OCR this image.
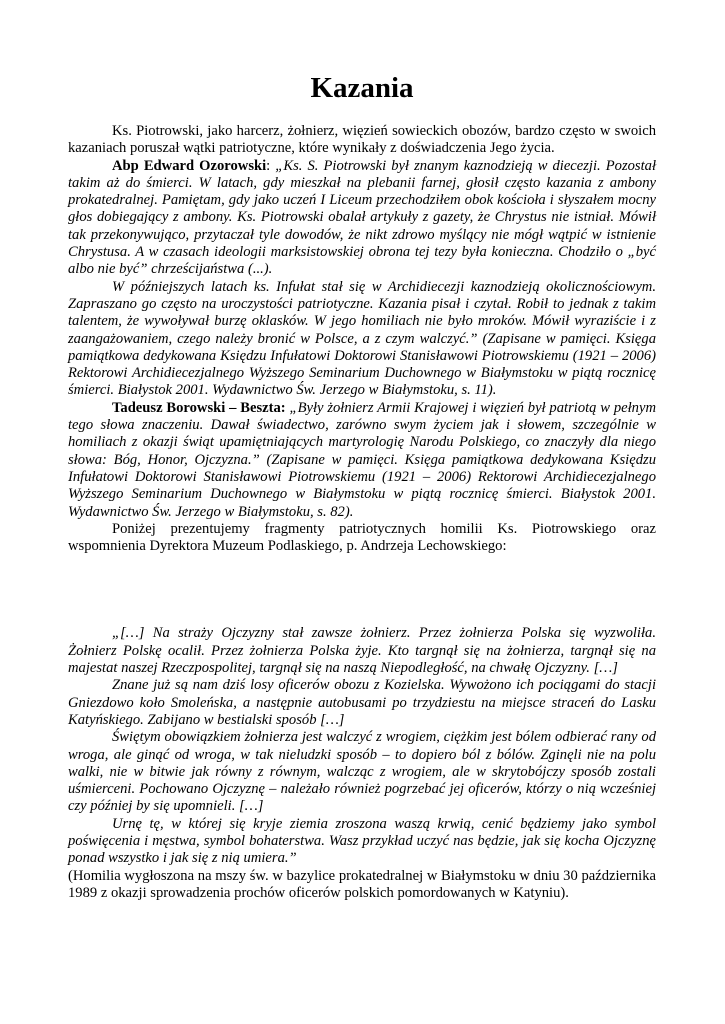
Kazania

Ks. Piotrowski, jako harcerz, żołnierz, więzień sowieckich obozów, bardzo często w swoich kazaniach poruszał wątki patriotyczne, które wynikały z doświadczenia Jego życia.

Abp Edward Ozorowski: „Ks. S. Piotrowski był znanym kaznodzieją w diecezji. Pozostał takim aż do śmierci. W latach, gdy mieszkał na plebanii farnej, głosił często kazania z ambony prokatedralnej. Pamiętam, gdy jako uczeń I Liceum przechodziłem obok kościoła i słyszałem mocny głos dobiegający z ambony. Ks. Piotrowski obalał artykuły z gazety, że Chrystus nie istniał. Mówił tak przekonywująco, przytaczał tyle dowodów, że nikt zdrowo myślący nie mógł wątpić w istnienie Chrystusa. A w czasach ideologii marksistowskiej obrona tej tezy była konieczna. Chodziło o „być albo nie być” chrześcijaństwa (...).

W późniejszych latach ks. Infułat stał się w Archidiecezji kaznodzieją okolicznościowym. Zapraszano go często na uroczystości patriotyczne. Kazania pisał i czytał. Robił to jednak z takim talentem, że wywoływał burzę oklasków. W jego homiliach nie było mroków. Mówił wyraziście i z zaangażowaniem, czego należy bronić w Polsce, a z czym walczyć.” (Zapisane w pamięci. Księga pamiątkowa dedykowana Księdzu Infułatowi Doktorowi Stanisławowi Piotrowskiemu (1921 – 2006) Rektorowi Archidiecezjalnego Wyższego Seminarium Duchownego w Białymstoku w piątą rocznicę śmierci. Białystok 2001. Wydawnictwo Św. Jerzego w Białymstoku, s. 11).

Tadeusz Borowski – Beszta: „Były żołnierz Armii Krajowej i więzień był patriotą w pełnym tego słowa znaczeniu. Dawał świadectwo, zarówno swym życiem jak i słowem, szczególnie w homiliach z okazji świąt upamiętniających martyrologię Narodu Polskiego, co znaczyły dla niego słowa: Bóg, Honor, Ojczyzna.” (Zapisane w pamięci. Księga pamiątkowa dedykowana Księdzu Infułatowi Doktorowi Stanisławowi Piotrowskiemu (1921 – 2006) Rektorowi Archidiecezjalnego Wyższego Seminarium Duchownego w Białymstoku w piątą rocznicę śmierci. Białystok 2001. Wydawnictwo Św. Jerzego w Białymstoku, s. 82).

Poniżej prezentujemy fragmenty patriotycznych homilii Ks. Piotrowskiego oraz wspomnienia Dyrektora Muzeum Podlaskiego, p. Andrzeja Lechowskiego:

„[…] Na straży Ojczyzny stał zawsze żołnierz. Przez żołnierza Polska się wyzwoliła. Żołnierz Polskę ocalił. Przez żołnierza Polska żyje. Kto targnął się na żołnierza, targnął się na majestat naszej Rzeczpospolitej, targnął się na naszą Niepodległość, na chwałę Ojczyzny. […]

Znane już są nam dziś losy oficerów obozu z Kozielska. Wywożono ich pociągami do stacji Gniezdowo koło Smoleńska, a następnie autobusami po trzydziestu na miejsce straceń do Lasku Katyńskiego. Zabijano w bestialski sposób […]

Świętym obowiązkiem żołnierza jest walczyć z wrogiem, ciężkim jest bólem odbierać rany od wroga, ale ginąć od wroga, w tak nieludzki sposób – to dopiero ból z bólów. Zginęli nie na polu walki, nie w bitwie jak równy z równym, walcząc z wrogiem, ale w skrytobójczy sposób zostali uśmierceni. Pochowano Ojczyznę – należało również pogrzebać jej oficerów, którzy o nią wcześniej czy później by się upomnieli. […]

Urnę tę, w której się kryje ziemia zroszona waszą krwią, cenić będziemy jako symbol poświęcenia i męstwa, symbol bohaterstwa. Wasz przykład uczyć nas będzie, jak się kocha Ojczyznę ponad wszystko i jak się z nią umiera.”

(Homilia wygłoszona na mszy św. w bazylice prokatedralnej w Białymstoku w dniu 30 października 1989 z okazji sprowadzenia prochów oficerów polskich pomordowanych w Katyniu).
